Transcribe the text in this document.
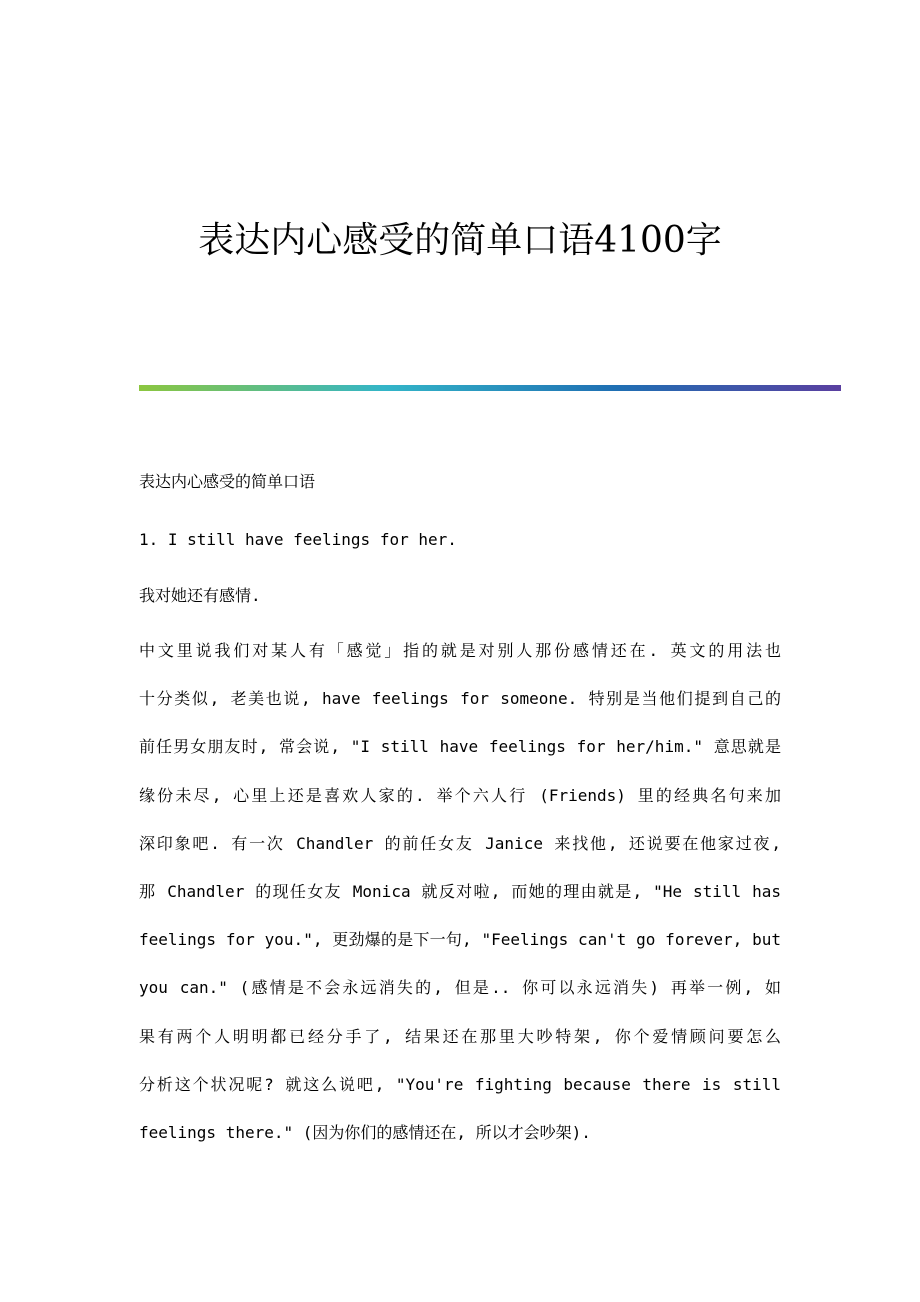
表达内心感受的简单口语4100字
表达内心感受的简单口语
1. I still have feelings for her.
我对她还有感情.
中文里说我们对某人有「感觉」指的就是对别人那份感情还在. 英文的用法也
十分类似, 老美也说, have feelings for someone. 特别是当他们提到自己的
前任男女朋友时, 常会说, "I still have feelings for her/him." 意思就是
缘份未尽, 心里上还是喜欢人家的. 举个六人行 (Friends) 里的经典名句来加
深印象吧. 有一次 Chandler 的前任女友 Janice 来找他, 还说要在他家过夜,
那 Chandler 的现任女友 Monica 就反对啦, 而她的理由就是, "He still has
feelings for you.", 更劲爆的是下一句, "Feelings can't go forever, but
you can." (感情是不会永远消失的, 但是.. 你可以永远消失) 再举一例, 如
果有两个人明明都已经分手了, 结果还在那里大吵特架, 你个爱情顾问要怎么
分析这个状况呢? 就这么说吧, "You're fighting because there is still
feelings there." (因为你们的感情还在, 所以才会吵架).
